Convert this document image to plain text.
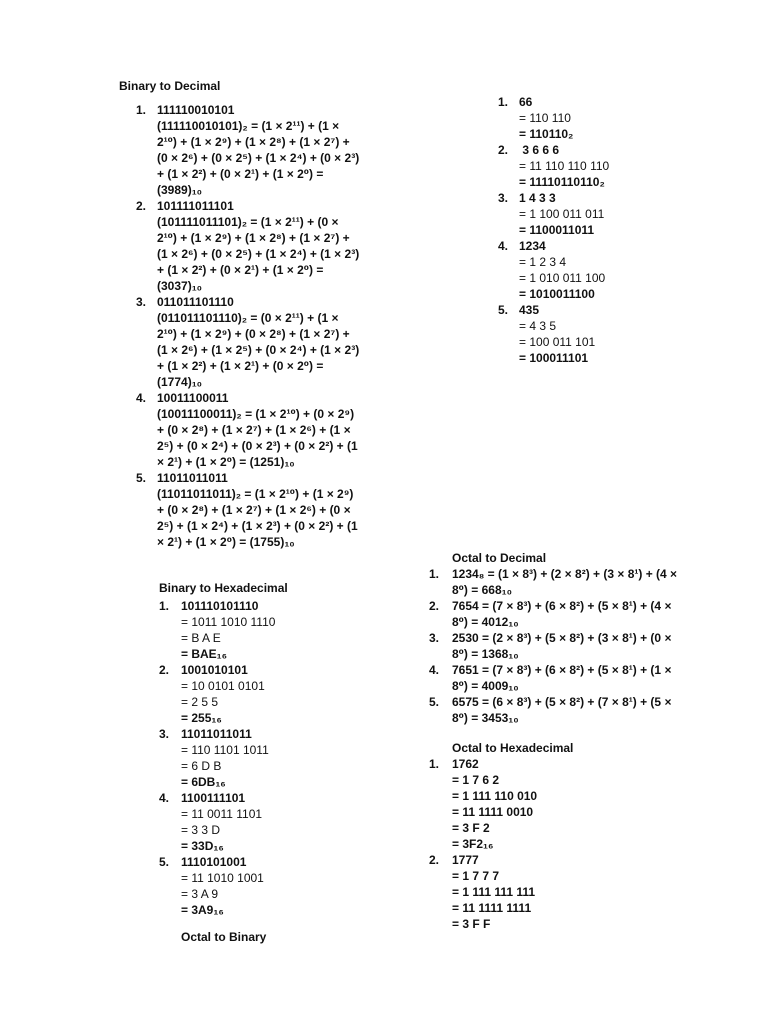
Binary to Decimal
1. 111110010101
(111110010101)₂ = (1 × 2¹¹) + (1 ×
2¹⁰) + (1 × 2⁹) + (1 × 2⁸) + (1 × 2⁷) +
(0 × 2⁶) + (0 × 2⁵) + (1 × 2⁴) + (0 × 2³)
+ (1 × 2²) + (0 × 2¹) + (1 × 2⁰) =
(3989)₁₀
2. 101111011101
(101111011101)₂ = (1 × 2¹¹) + (0 ×
2¹⁰) + (1 × 2⁹) + (1 × 2⁸) + (1 × 2⁷) +
(1 × 2⁶) + (0 × 2⁵) + (1 × 2⁴) + (1 × 2³)
+ (1 × 2²) + (0 × 2¹) + (1 × 2⁰) =
(3037)₁₀
3. 011011101110
(011011101110)₂ = (0 × 2¹¹) + (1 ×
2¹⁰) + (1 × 2⁹) + (0 × 2⁸) + (1 × 2⁷) +
(1 × 2⁶) + (1 × 2⁵) + (0 × 2⁴) + (1 × 2³)
+ (1 × 2²) + (1 × 2¹) + (0 × 2⁰) =
(1774)₁₀
4. 10011100011
(10011100011)₂ = (1 × 2¹⁰) + (0 × 2⁹)
+ (0 × 2⁸) + (1 × 2⁷) + (1 × 2⁶) + (1 ×
2⁵) + (0 × 2⁴) + (0 × 2³) + (0 × 2²) + (1
× 2¹) + (1 × 2⁰) = (1251)₁₀
5. 11011011011
(11011011011)₂ = (1 × 2¹⁰) + (1 × 2⁹)
+ (0 × 2⁸) + (1 × 2⁷) + (1 × 2⁶) + (0 ×
2⁵) + (1 × 2⁴) + (1 × 2³) + (0 × 2²) + (1
× 2¹) + (1 × 2⁰) = (1755)₁₀
1. 66
= 110 110
= 110110₂
2. 3 6 6 6
= 11 110 110 110
= 11110110110₂
3. 1 4 3 3
= 1 100 011 011
= 1100011011
4. 1234
= 1 2 3 4
= 1 010 011 100
= 1010011100
5. 435
= 4 3 5
= 100 011 101
= 100011101
Binary to Hexadecimal
1. 101110101110
= 1011 1010 1110
= B A E
= BAE₁₆
2. 1001010101
= 10 0101 0101
= 2 5 5
= 255₁₆
3. 11011011011
= 110 1101 1011
= 6 D B
= 6DB₁₆
4. 1100111101
= 11 0011 1101
= 3 3 D
= 33D₁₆
5. 1110101001
= 11 1010 1001
= 3 A 9
= 3A9₁₆
Octal to Binary
Octal to Decimal
1. 1234₈ = (1 × 8³) + (2 × 8²) + (3 × 8¹) + (4 ×
8⁰) = 668₁₀
2. 7654 = (7 × 8³) + (6 × 8²) + (5 × 8¹) + (4 ×
8⁰) = 4012₁₀
3. 2530 = (2 × 8³) + (5 × 8²) + (3 × 8¹) + (0 ×
8⁰) = 1368₁₀
4. 7651 = (7 × 8³) + (6 × 8²) + (5 × 8¹) + (1 ×
8⁰) = 4009₁₀
5. 6575 = (6 × 8³) + (5 × 8²) + (7 × 8¹) + (5 ×
8⁰) = 3453₁₀
Octal to Hexadecimal
1. 1762
= 1 7 6 2
= 1 111 110 010
= 11 1111 0010
= 3 F 2
= 3F2₁₆
2. 1777
= 1 7 7 7
= 1 111 111 111
= 11 1111 1111
= 3 F F
